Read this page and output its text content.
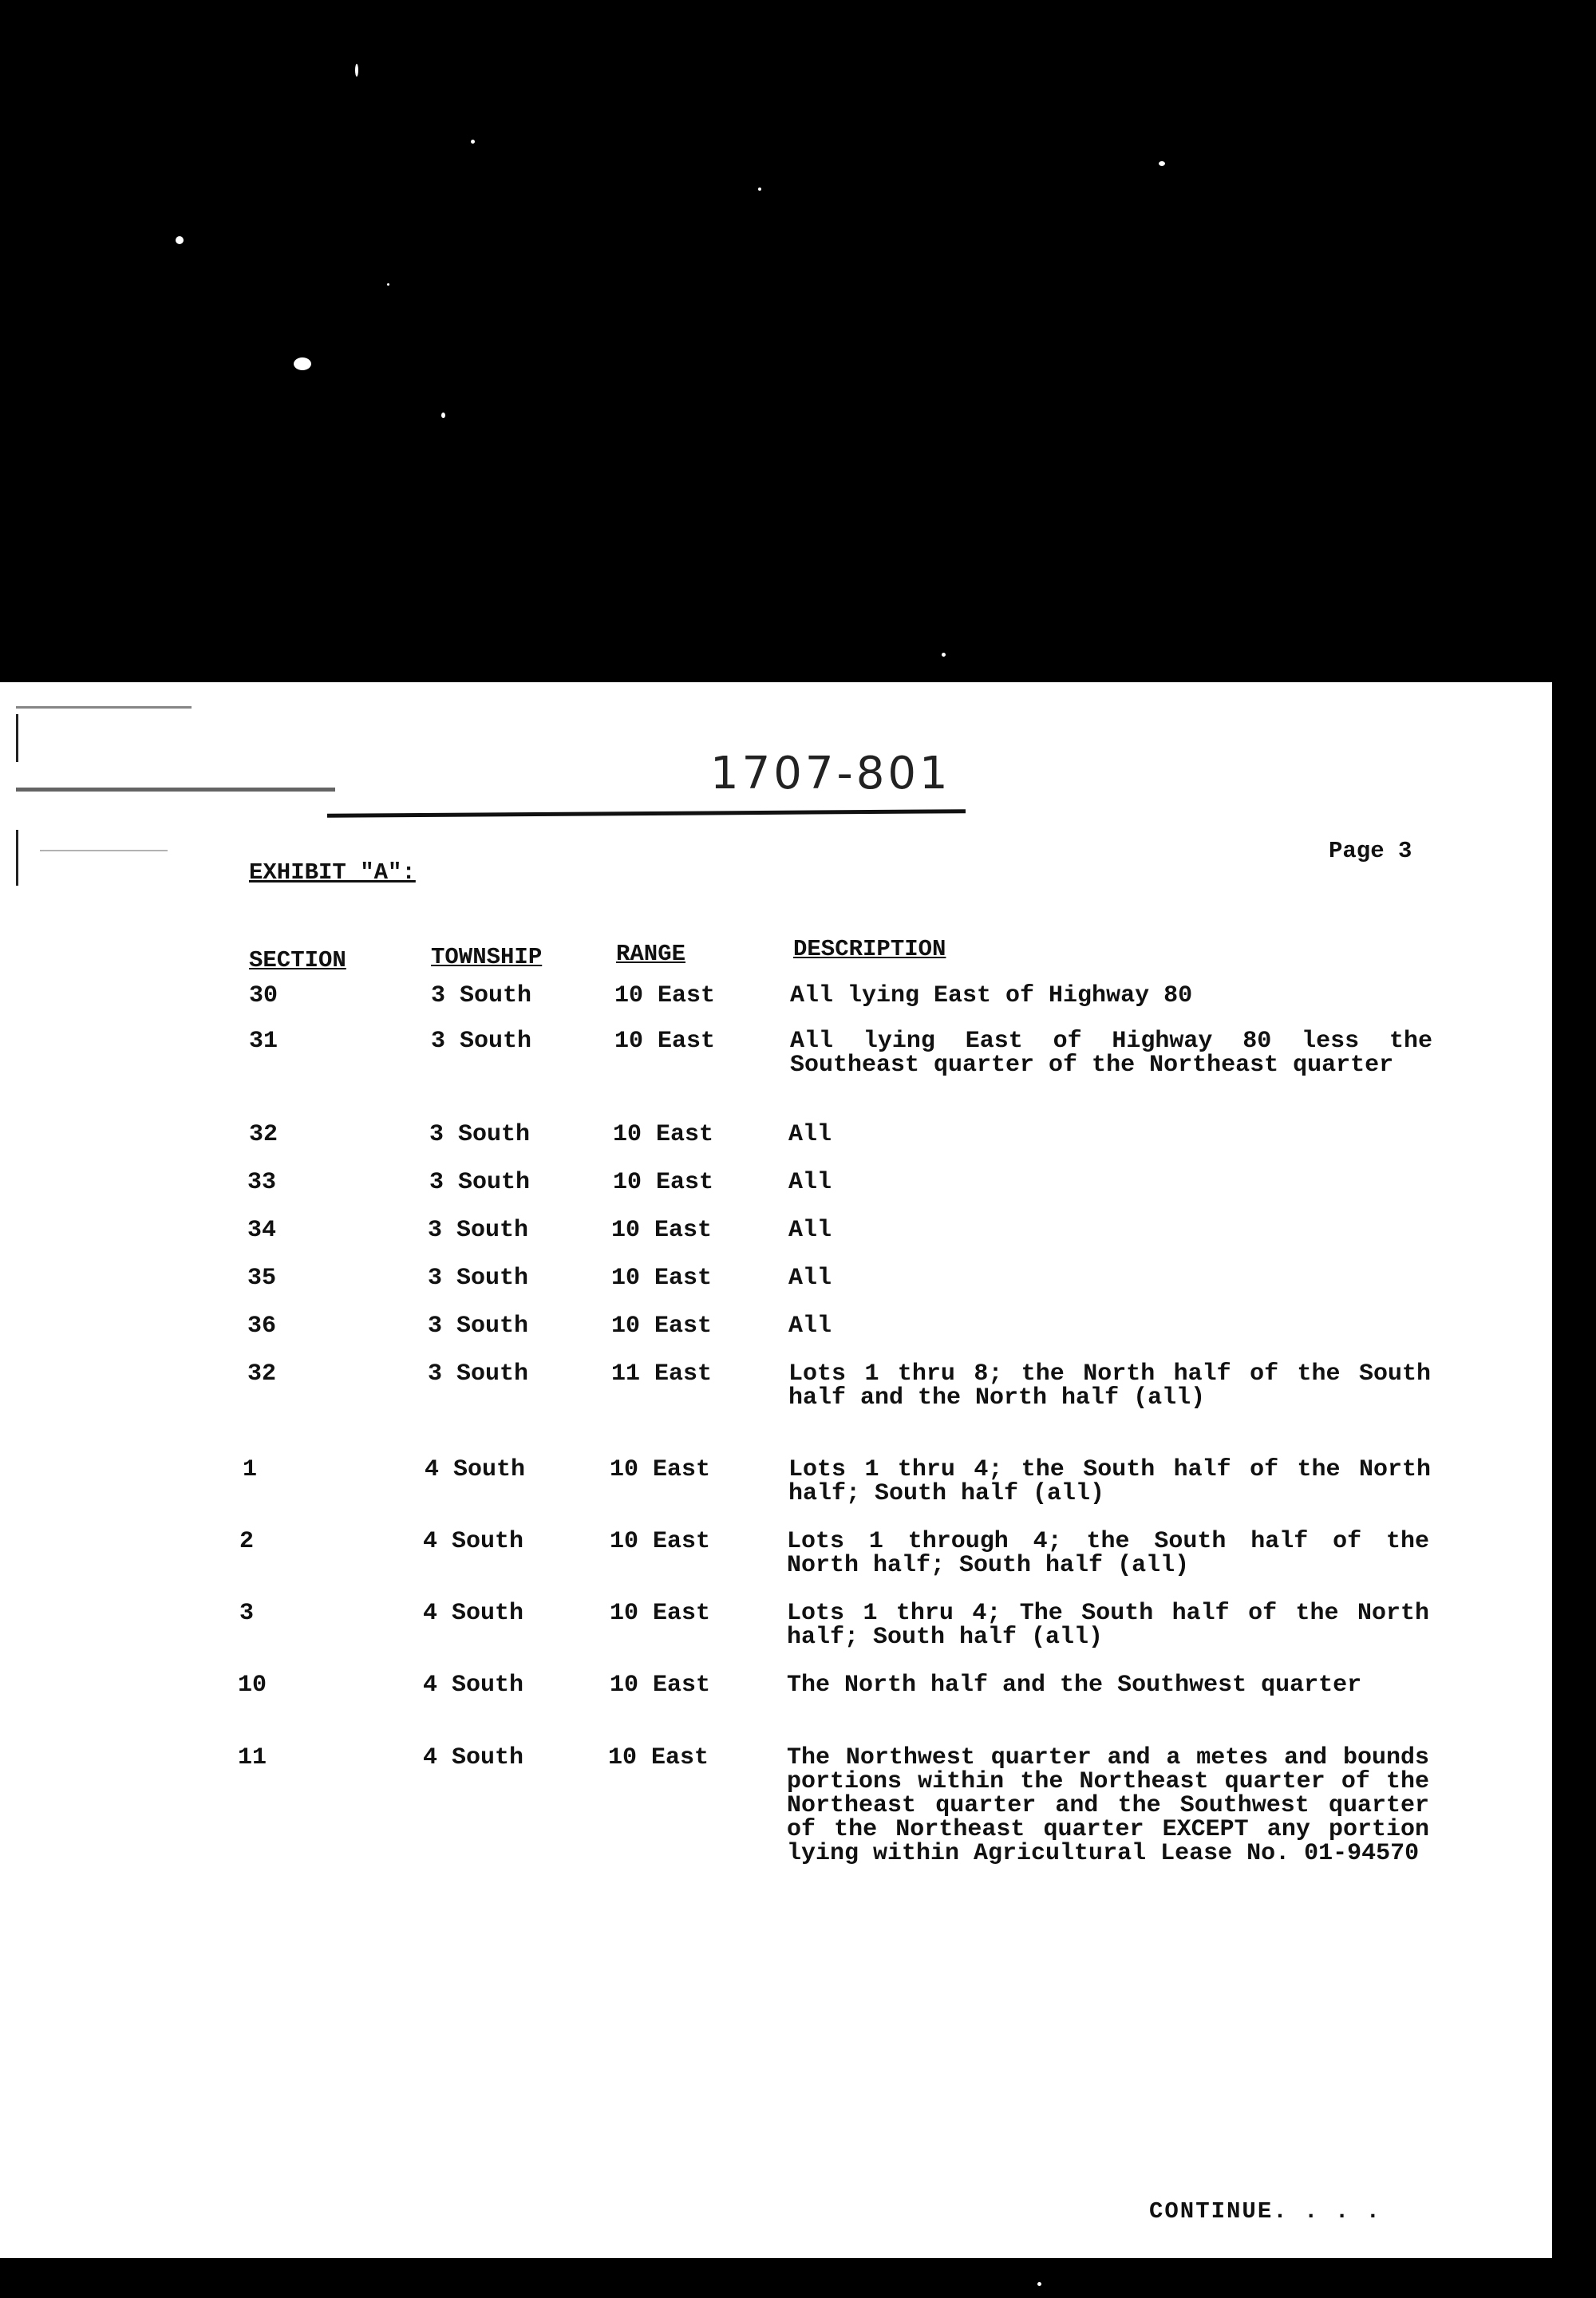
1707-801
Page 3
EXHIBIT "A":
SECTION	TOWNSHIP	RANGE	DESCRIPTION
30	3 South	10 East	All lying East of Highway 80
31	3 South	10 East	All lying East of Highway 80 less the Southeast quarter of the Northeast quarter
32	3 South	10 East	All
33	3 South	10 East	All
34	3 South	10 East	All
35	3 South	10 East	All
36	3 South	10 East	All
32	3 South	11 East	Lots 1 thru 8; the North half of the South half and the North half (all)
1	4 South	10 East	Lots 1 thru 4; the South half of the North half; South half (all)
2	4 South	10 East	Lots 1 through 4; the South half of the North half; South half (all)
3	4 South	10 East	Lots 1 thru 4; The South half of the North half; South half (all)
10	4 South	10 East	The North half and the Southwest quarter
11	4 South	10 East	The Northwest quarter and a metes and bounds portions within the Northeast quarter of the Northeast quarter and the Southwest quarter of the Northeast quarter EXCEPT any portion lying within Agricultural Lease No. 01-94570
CONTINUE. . . .
